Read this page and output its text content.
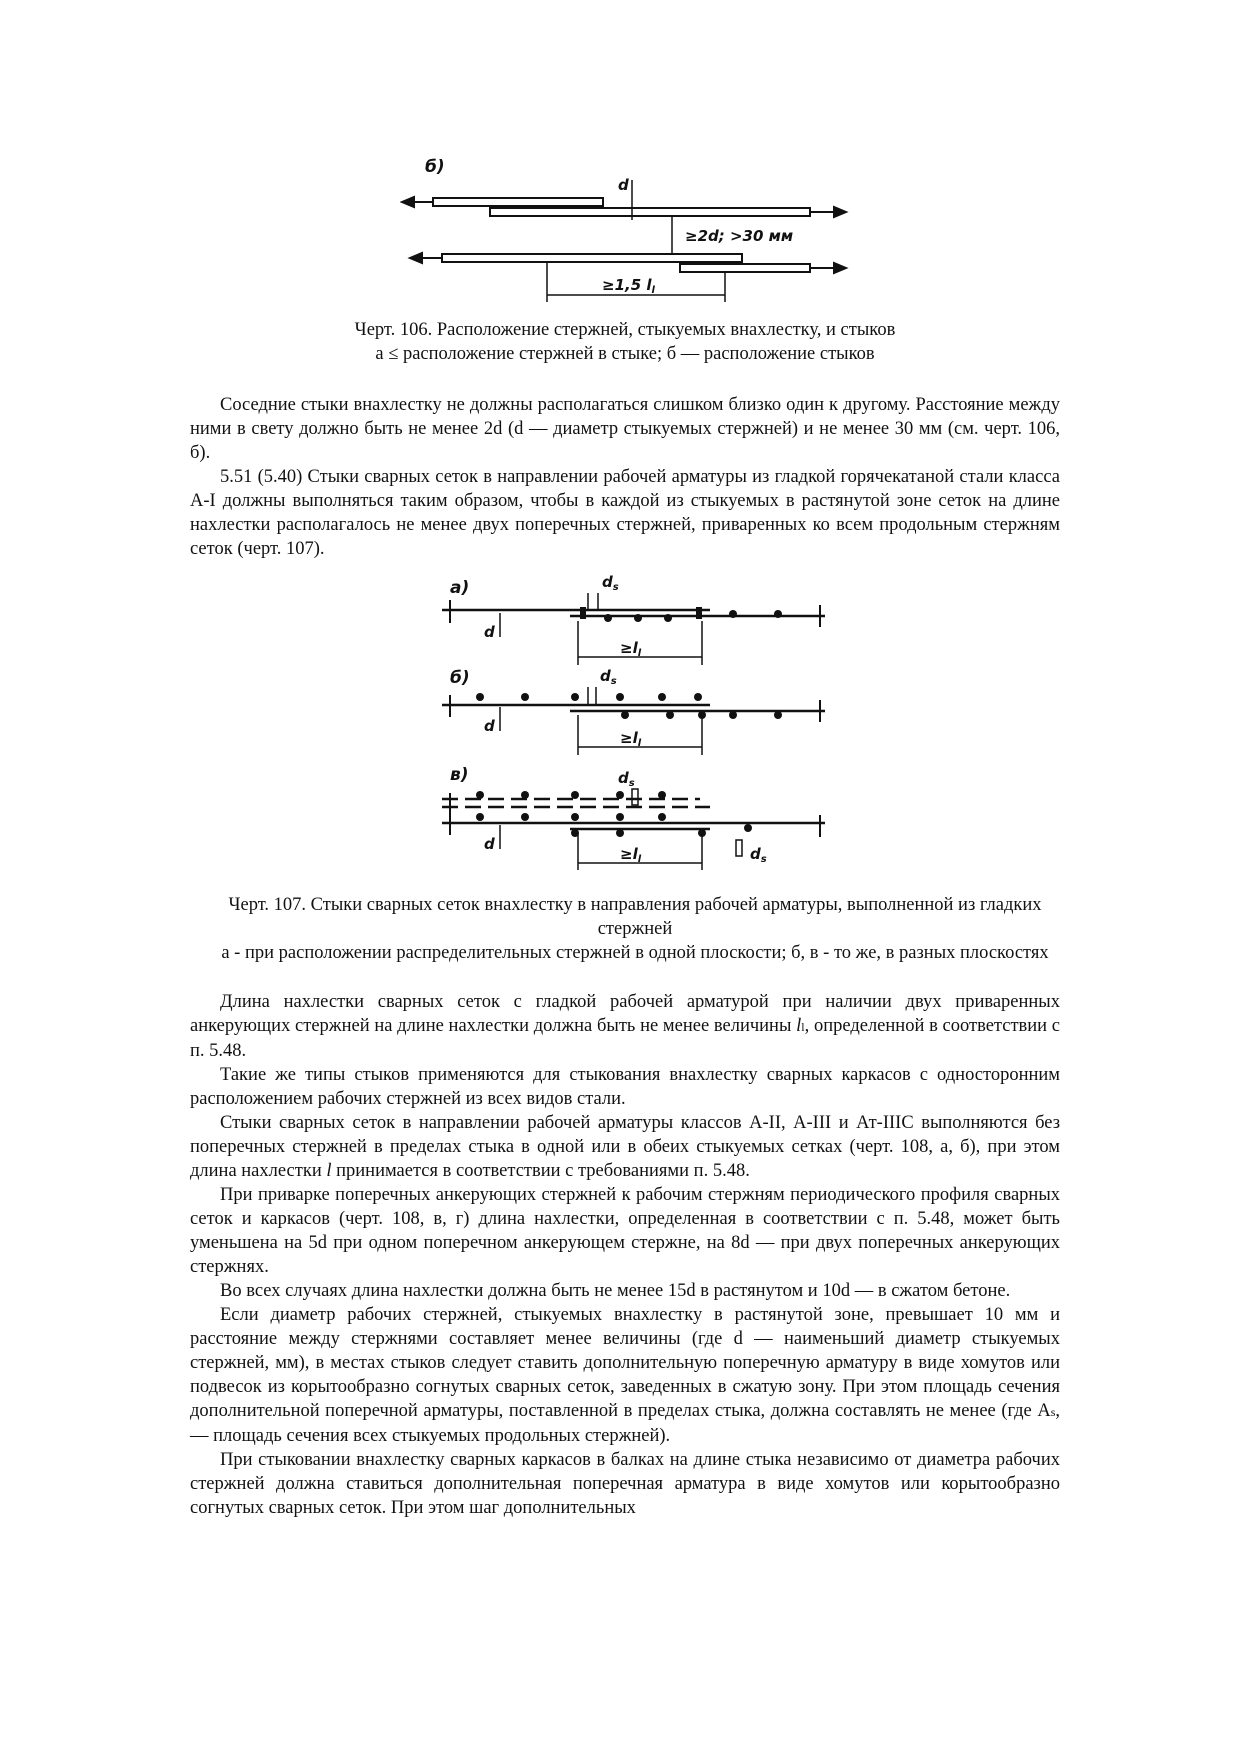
б)
d
≥2d; >30 мм
≥1,5 $l_l$
Черт. 106. Расположение стержней, стыкуемых внахлестку, и стыков
а ≤ расположение стержней в стыке; б — расположение стыков

Соседние стыки внахлестку не должны располагаться слишком близко один к другому. Расстояние между ними в свету должно быть не менее 2d (d — диаметр стыкуемых стержней) и не менее 30 мм (см. черт. 106, б).

5.51 (5.40) Стыки сварных сеток в направлении рабочей арматуры из гладкой горячекатаной стали класса А-I должны выполняться таким образом, чтобы в каждой из стыкуемых в растянутой зоне сеток на длине нахлестки располагалось не менее двух поперечных стержней, приваренных ко всем продольным стержням сеток (черт. 107).

а)	$d_s$
d
$\ge l_l$
б)	$d_s$
d
$\ge l_l$
в)	$d_s$
d
$\ge l_l$	$d_s$
Черт. 107. Стыки сварных сеток внахлестку в направления рабочей арматуры, выполненной из гладких стержней
а - при расположении распределительных стержней в одной плоскости; б, в - то же, в разных плоскостях

Длина нахлестки сварных сеток с гладкой рабочей арматурой при наличии двух приваренных анкерующих стержней на длине нахлестки должна быть не менее величины ll, определенной в соответствии с п. 5.48.

Такие же типы стыков применяются для стыкования внахлестку сварных каркасов с односторонним расположением рабочих стержней из всех видов стали.

Стыки сварных сеток в направлении рабочей арматуры классов А-II, А-III и Ат-IIIС выполняются без поперечных стержней в пределах стыка в одной или в обеих стыкуемых сетках (черт. 108, а, б), при этом длина нахлестки l принимается в соответствии с требованиями п. 5.48.

При приварке поперечных анкерующих стержней к рабочим стержням периодического профиля сварных сеток и каркасов (черт. 108, в, г) длина нахлестки, определенная в соответствии с п. 5.48, может быть уменьшена на 5d при одном поперечном анкерующем стержне, на 8d — при двух поперечных анкерующих стержнях.

Во всех случаях длина нахлестки должна быть не менее 15d в растянутом и 10d — в сжатом бетоне.

Если диаметр рабочих стержней, стыкуемых внахлестку в растянутой зоне, превышает 10 мм и расстояние между стержнями составляет менее величины (где d — наименьший диаметр стыкуемых стержней, мм), в местах стыков следует ставить дополнительную поперечную арматуру в виде хомутов или подвесок из корытообразно согнутых сварных сеток, заведенных в сжатую зону. При этом площадь сечения дополнительной поперечной арматуры, поставленной в пределах стыка, должна составлять не менее (где As, — площадь сечения всех стыкуемых продольных стержней).

При стыковании внахлестку сварных каркасов в балках на длине стыка независимо от диаметра рабочих стержней должна ставиться дополнительная поперечная арматура в виде хомутов или корытообразно согнутых сварных сеток. При этом шаг дополнительных
